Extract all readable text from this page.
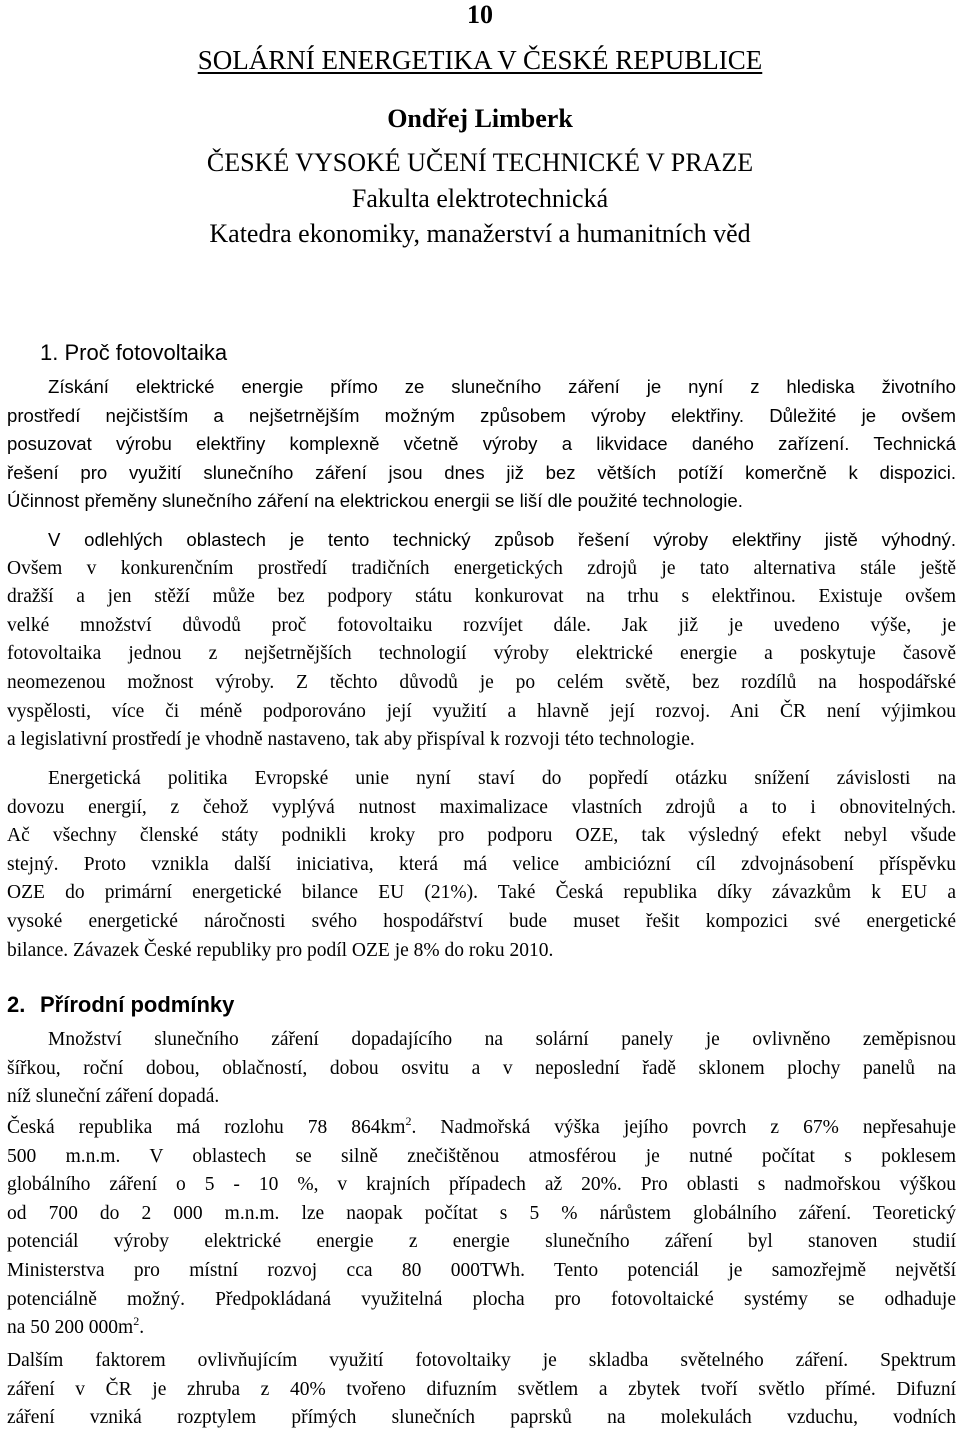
10
SOLÁRNÍ ENERGETIKA V ČESKÉ REPUBLICE
Ondřej Limberk
ČESKÉ VYSOKÉ UČENÍ TECHNICKÉ V PRAZE
Fakulta elektrotechnická
Katedra ekonomiky, manažerství a humanitních věd
1. Proč fotovoltaika

Získání elektrické energie přímo ze slunečního záření je nyní z hlediska životního
prostředí nejčistším a nejšetrnějším možným způsobem výroby elektřiny. Důležité je ovšem
posuzovat výrobu elektřiny komplexně včetně výroby a likvidace daného zařízení. Technická
řešení pro využití slunečního záření jsou dnes již bez větších potíží komerčně k dispozici.
Účinnost přeměny slunečního záření na elektrickou energii se liší dle použité technologie.

V odlehlých oblastech je tento technický způsob řešení výroby elektřiny jistě výhodný.

Ovšem v konkurenčním prostředí tradičních energetických zdrojů je tato alternativa stále ještě
dražší a jen stěží může bez podpory státu konkurovat na trhu s elektřinou. Existuje ovšem
velké množství důvodů proč fotovoltaiku rozvíjet dále. Jak již je uvedeno výše, je
fotovoltaika jednou z nejšetrnějších technologií výroby elektrické energie a poskytuje časově
neomezenou možnost výroby. Z těchto důvodů je po celém světě, bez rozdílů na hospodářské
vyspělosti, více či méně podporováno její využití a hlavně její rozvoj. Ani ČR není výjimkou
a legislativní prostředí je vhodně nastaveno, tak aby přispíval k rozvoji této technologie.

Energetická politika Evropské unie nyní staví do popředí otázku snížení závislosti na
dovozu energií, z čehož vyplývá nutnost maximalizace vlastních zdrojů a to i obnovitelných.
Ač všechny členské státy podnikli kroky pro podporu OZE, tak výsledný efekt nebyl všude
stejný. Proto vznikla další iniciativa, která má velice ambiciózní cíl zdvojnásobení příspěvku
OZE do primární energetické bilance EU (21%). Také Česká republika díky závazkům k EU a
vysoké energetické náročnosti svého hospodářství bude muset řešit kompozici své energetické
bilance. Závazek České republiky pro podíl OZE je 8% do roku 2010.

2. Přírodní podmínky

Množství slunečního záření dopadajícího na solární panely je ovlivněno zeměpisnou
šířkou, roční dobou, oblačností, dobou osvitu a v neposlední řadě sklonem plochy panelů na
níž sluneční záření dopadá.

Česká republika má rozlohu 78 $864km^2$. Nadmořská výška jejího povrch z 67% nepřesahuje
500 m.n.m. V oblastech se silně znečištěnou atmosférou je nutné počítat s poklesem
globálního záření o 5 - 10 %, v krajních případech až 20%. Pro oblasti s nadmořskou výškou
od 700 do 2 000 m.n.m. lze naopak počítat s 5 % nárůstem globálního záření. Teoretický
potenciál výroby elektrické energie z energie slunečního záření byl stanoven studií
Ministerstva pro místní rozvoj cca 80 000TWh. Tento potenciál je samozřejmě největší
potenciálně možný. Předpokládaná využitelná plocha pro fotovoltaické systémy se odhaduje
na 50 200 $000m^2$.

Dalším faktorem ovlivňujícím využití fotovoltaiky je skladba světelného záření. Spektrum
záření v ČR je zhruba z 40% tvořeno difuzním světlem a zbytek tvoří světlo přímé. Difuzní
záření vzniká rozptylem přímých slunečních paprsků na molekulách vzduchu, vodních
